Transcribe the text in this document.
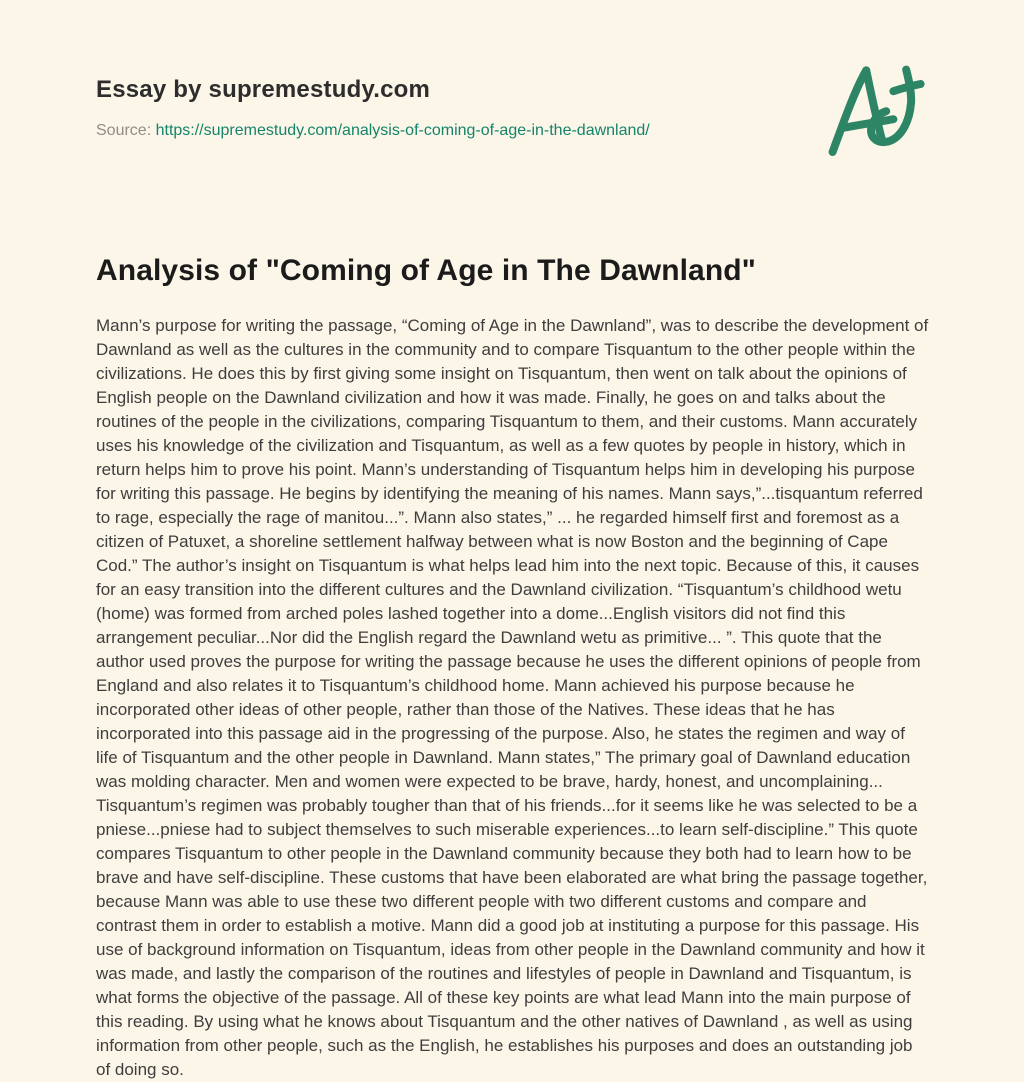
Essay by supremestudy.com
Source: https://supremestudy.com/analysis-of-coming-of-age-in-the-dawnland/
Analysis of "Coming of Age in The Dawnland"

Mann’s purpose for writing the passage, “Coming of Age in the Dawnland”, was to describe the development of Dawnland as well as the cultures in the community and to compare Tisquantum to the other people within the civilizations. He does this by first giving some insight on Tisquantum, then went on talk about the opinions of English people on the Dawnland civilization and how it was made. Finally, he goes on and talks about the routines of the people in the civilizations, comparing Tisquantum to them, and their customs. Mann accurately uses his knowledge of the civilization and Tisquantum, as well as a few quotes by people in history, which in return helps him to prove his point. Mann’s understanding of Tisquantum helps him in developing his purpose for writing this passage. He begins by identifying the meaning of his names. Mann says,”...tisquantum referred to rage, especially the rage of manitou...”. Mann also states,” ... he regarded himself first and foremost as a citizen of Patuxet, a shoreline settlement halfway between what is now Boston and the beginning of Cape Cod.” The author’s insight on Tisquantum is what helps lead him into the next topic. Because of this, it causes for an easy transition into the different cultures and the Dawnland civilization. “Tisquantum’s childhood wetu (home) was formed from arched poles lashed together into a dome...English visitors did not find this arrangement peculiar...Nor did the English regard the Dawnland wetu as primitive... ”. This quote that the author used proves the purpose for writing the passage because he uses the different opinions of people from England and also relates it to Tisquantum’s childhood home. Mann achieved his purpose because he incorporated other ideas of other people, rather than those of the Natives. These ideas that he has incorporated into this passage aid in the progressing of the purpose. Also, he states the regimen and way of life of Tisquantum and the other people in Dawnland. Mann states,” The primary goal of Dawnland education was molding character. Men and women were expected to be brave, hardy, honest, and uncomplaining... Tisquantum’s regimen was probably tougher than that of his friends...for it seems like he was selected to be a pniese...pniese had to subject themselves to such miserable experiences...to learn self-discipline.” This quote compares Tisquantum to other people in the Dawnland community because they both had to learn how to be brave and have self-discipline. These customs that have been elaborated are what bring the passage together, because Mann was able to use these two different people with two different customs and compare and contrast them in order to establish a motive. Mann did a good job at instituting a purpose for this passage. His use of background information on Tisquantum, ideas from other people in the Dawnland community and how it was made, and lastly the comparison of the routines and lifestyles of people in Dawnland and Tisquantum, is what forms the objective of the passage. All of these key points are what lead Mann into the main purpose of this reading. By using what he knows about Tisquantum and the other natives of Dawnland , as well as using information from other people, such as the English, he establishes his purposes and does an outstanding job of doing so.
